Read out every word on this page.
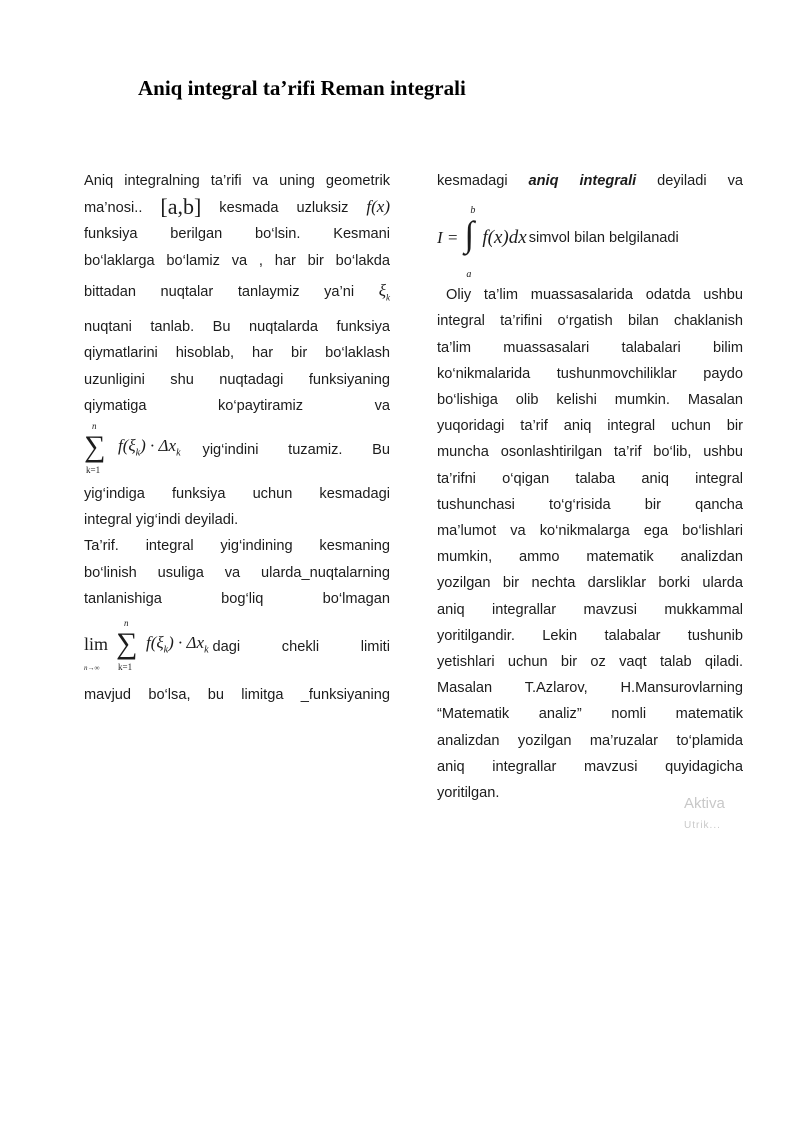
Aniq integral ta’rifi Reman integrali
Aniq integralning ta’rifi va uning geometrik
ma’nosi.. [a,b] kesmada uzluksiz f(x)
funksiya berilgan bo‘lsin. Kesmani
bo‘laklarga bo‘lamiz va , har bir bo‘lakda
bittadan nuqtalar tanlaymiz ya’ni $\xi_k$
nuqtani tanlab. Bu nuqtalarda funksiya
qiymatlarini hisoblab, har bir bo‘laklash
uzunligini shu nuqtadagi funksiyaning
qiymatiga	ko‘paytiramiz	va
n
∑
k=1
$f(\xi_k) \cdot \Delta x_k$ yig‘indini tuzamiz. Bu
yig‘indiga funksiya uchun kesmadagi
integral yig‘indi deyiladi.
Ta’rif. integral yig‘indining kesmaning
bo‘linish usuliga va ularda_nuqtalarning
tanlanishiga	bog‘liq	bo‘lmagan
lim
n→∞
n
∑
k=1
$f(\xi_k) \cdot \Delta x_k$ dagi	chekli	limiti
mavjud bo‘lsa, bu limitga _funksiyaning
kesmadagi aniq integrali deyiladi va
I =
b
∫
a
f(x)dx simvol bilan belgilanadi
Oliy ta’lim muassasalarida odatda ushbu
integral ta’rifini o‘rgatish bilan chaklanish
ta’lim muassasalari talabalari bilim
ko‘nikmalarida tushunmovchiliklar paydo
bo‘lishiga olib kelishi mumkin. Masalan
yuqoridagi ta’rif aniq integral uchun bir
muncha osonlashtirilgan ta’rif bo‘lib, ushbu
ta’rifni o‘qigan talaba aniq integral
tushunchasi to‘g‘risida bir qancha
ma’lumot va ko‘nikmalarga ega bo‘lishlari
mumkin, ammo matematik analizdan
yozilgan bir nechta darsliklar borki ularda
aniq integrallar mavzusi mukkammal
yoritilgandir. Lekin talabalar tushunib
yetishlari uchun bir oz vaqt talab qiladi.
Masalan T.Azlarov, H.Mansurovlarning
“Matematik analiz” nomli matematik
analizdan yozilgan ma’ruzalar to‘plamida
aniq integrallar mavzusi quyidagicha
yoritilgan.
Aktiva
Utrik...
